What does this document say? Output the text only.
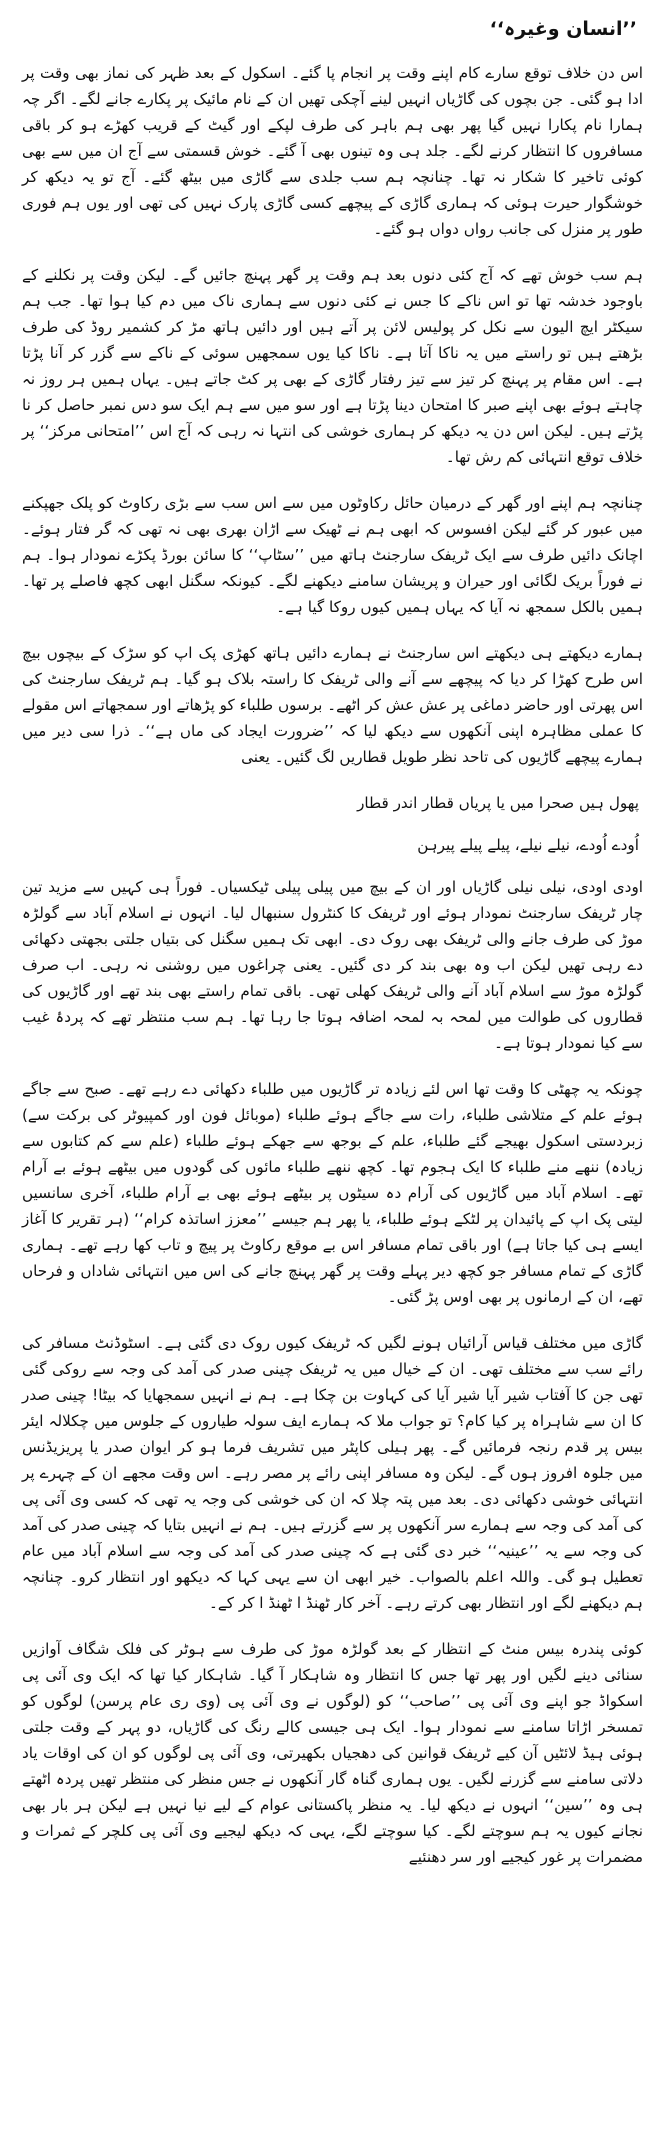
’’انسان وغیرہ‘‘

اس دن خلاف توقع سارے کام اپنے وقت پر انجام پا گئے۔ اسکول کے بعد ظہر کی نماز بھی وقت پر ادا ہو گئی۔ جن بچوں کی گاڑیاں انہیں لینے آچکی تھیں ان کے نام مائیک پر پکارے جانے لگے۔ اگر چہ ہمارا نام پکارا نہیں گیا پھر بھی ہم باہر کی طرف لپکے اور گیٹ کے قریب کھڑے ہو کر باقی مسافروں کا انتظار کرنے لگے۔ جلد ہی وہ تینوں بھی آ گئے۔ خوش قسمتی سے آج ان میں سے بھی کوئی تاخیر کا شکار نہ تھا۔ چنانچہ ہم سب جلدی سے گاڑی میں بیٹھ گئے۔ آج تو یہ دیکھ کر خوشگوار حیرت ہوئی کہ ہماری گاڑی کے پیچھے کسی گاڑی پارک نہیں کی تھی اور یوں ہم فوری طور پر منزل کی جانب رواں دواں ہو گئے۔

ہم سب خوش تھے کہ آج کئی دنوں بعد ہم وقت پر گھر پہنچ جائیں گے۔ لیکن وقت پر نکلنے کے باوجود خدشہ تھا تو اس ناکے کا جس نے کئی دنوں سے ہماری ناک میں دم کیا ہوا تھا۔ جب ہم سیکٹر ایچ الیون سے نکل کر پولیس لائن پر آتے ہیں اور دائیں ہاتھ مڑ کر کشمیر روڈ کی طرف بڑھتے ہیں تو راستے میں یہ ناکا آتا ہے۔ ناکا کیا یوں سمجھیں سوئی کے ناکے سے گزر کر آنا پڑتا ہے۔ اس مقام پر پہنچ کر تیز سے تیز رفتار گاڑی کے بھی پر کٹ جاتے ہیں۔ یہاں ہمیں ہر روز نہ چاہتے ہوئے بھی اپنے صبر کا امتحان دینا پڑتا ہے اور سو میں سے ہم ایک سو دس نمبر حاصل کر نا پڑتے ہیں۔ لیکن اس دن یہ دیکھ کر ہماری خوشی کی انتہا نہ رہی کہ آج اس ’’امتحانی مرکز‘‘ پر خلاف توقع انتہائی کم رش تھا۔

چنانچہ ہم اپنے اور گھر کے درمیان حائل رکاوٹوں میں سے اس سب سے بڑی رکاوٹ کو پلک جھپکنے میں عبور کر گئے لیکن افسوس کہ ابھی ہم نے ٹھیک سے اڑان بھری بھی نہ تھی کہ گر فتار ہوئے۔ اچانک دائیں طرف سے ایک ٹریفک سارجنٹ ہاتھ میں ’’سٹاپ‘‘ کا سائن بورڈ پکڑے نمودار ہوا۔ ہم نے فوراً بریک لگائی اور حیران و پریشان سامنے دیکھنے لگے۔ کیونکہ سگنل ابھی کچھ فاصلے پر تھا۔ ہمیں بالکل سمجھ نہ آیا کہ یہاں ہمیں کیوں روکا گیا ہے۔

ہمارے دیکھتے ہی دیکھتے اس سارجنٹ نے ہمارے دائیں ہاتھ کھڑی پک اپ کو سڑک کے بیچوں بیچ اس طرح کھڑا کر دیا کہ پیچھے سے آنے والی ٹریفک کا راستہ بلاک ہو گیا۔ ہم ٹریفک سارجنٹ کی اس پھرتی اور حاضر دماغی پر عش عش کر اٹھے۔ برسوں طلباء کو پڑھاتے اور سمجھاتے اس مقولے کا عملی مظاہرہ اپنی آنکھوں سے دیکھ لیا کہ ’’ضرورت ایجاد کی ماں ہے‘‘۔ ذرا سی دیر میں ہمارے پیچھے گاڑیوں کی تاحد نظر طویل قطاریں لگ گئیں۔ یعنی

پھول ہیں صحرا میں یا پریاں قطار اندر قطار
اُودے اُودے، نیلے نیلے، پیلے پیلے پیرہن

اودی اودی، نیلی نیلی گاڑیاں اور ان کے بیچ میں پیلی پیلی ٹیکسیاں۔ فوراً ہی کہیں سے مزید تین چار ٹریفک سارجنٹ نمودار ہوئے اور ٹریفک کا کنٹرول سنبھال لیا۔ انہوں نے اسلام آباد سے گولڑہ موڑ کی طرف جانے والی ٹریفک بھی روک دی۔ ابھی تک ہمیں سگنل کی بتیاں جلتی بجھتی دکھائی دے رہی تھیں لیکن اب وہ بھی بند کر دی گئیں۔ یعنی چراغوں میں روشنی نہ رہی۔ اب صرف گولڑہ موڑ سے اسلام آباد آنے والی ٹریفک کھلی تھی۔ باقی تمام راستے بھی بند تھے اور گاڑیوں کی قطاروں کی طوالت میں لمحہ بہ لمحہ اضافہ ہوتا جا رہا تھا۔ ہم سب منتظر تھے کہ پردۂ غیب سے کیا نمودار ہوتا ہے۔

چونکہ یہ چھٹی کا وقت تھا اس لئے زیادہ تر گاڑیوں میں طلباء دکھائی دے رہے تھے۔ صبح سے جاگے ہوئے علم کے متلاشی طلباء، رات سے جاگے ہوئے طلباء (موبائل فون اور کمپیوٹر کی برکت سے) زبردستی اسکول بھیجے گئے طلباء، علم کے بوجھ سے جھکے ہوئے طلباء (علم سے کم کتابوں سے زیادہ) ننھے منے طلباء کا ایک ہجوم تھا۔ کچھ ننھے طلباء مائوں کی گودوں میں بیٹھے ہوئے بے آرام تھے۔ اسلام آباد میں گاڑیوں کی آرام دہ سیٹوں پر بیٹھے ہوئے بھی بے آرام طلباء، آخری سانسیں لیتی پک اپ کے پائیدان پر لٹکے ہوئے طلباء، یا پھر ہم جیسے ’’معزز اساتذہ کرام‘‘ (ہر تقریر کا آغاز ایسے ہی کیا جاتا ہے) اور باقی تمام مسافر اس بے موقع رکاوٹ پر پیچ و تاب کھا رہے تھے۔ ہماری گاڑی کے تمام مسافر جو کچھ دیر پہلے وقت پر گھر پہنچ جانے کی اس میں انتہائی شاداں و فرحاں تھے، ان کے ارمانوں پر بھی اوس پڑ گئی۔

گاڑی میں مختلف قیاس آرائیاں ہونے لگیں کہ ٹریفک کیوں روک دی گئی ہے۔ اسٹوڈنٹ مسافر کی رائے سب سے مختلف تھی۔ ان کے خیال میں یہ ٹریفک چینی صدر کی آمد کی وجہ سے روکی گئی تھی جن کا آفتاب شیر آیا شیر آیا کی کہاوت بن چکا ہے۔ ہم نے انہیں سمجھایا کہ بیٹا! چینی صدر کا ان سے شاہراہ پر کیا کام؟ تو جواب ملا کہ ہمارے ایف سولہ طیاروں کے جلوس میں چکلالہ ایئر بیس پر قدم رنجہ فرمائیں گے۔ پھر ہیلی کاپٹر میں تشریف فرما ہو کر ایوان صدر یا پریزیڈنس میں جلوہ افروز ہوں گے۔ لیکن وہ مسافر اپنی رائے پر مصر رہے۔ اس وقت مجھے ان کے چہرے پر انتہائی خوشی دکھائی دی۔ بعد میں پتہ چلا کہ ان کی خوشی کی وجہ یہ تھی کہ کسی وی آئی پی کی آمد کی وجہ سے ہمارے سر آنکھوں پر سے گزرتے ہیں۔ ہم نے انہیں بتایا کہ چینی صدر کی آمد کی وجہ سے یہ ’’عینیہ‘‘ خبر دی گئی ہے کہ چینی صدر کی آمد کی وجہ سے اسلام آباد میں عام تعطیل ہو گی۔ واللہ اعلم بالصواب۔ خیر ابھی ان سے یہی کہا کہ دیکھو اور انتظار کرو۔ چنانچہ ہم دیکھنے لگے اور انتظار بھی کرتے رہے۔ آخر کار ٹھنڈ ا ٹھنڈ ا کر کے۔

کوئی پندرہ بیس منٹ کے انتظار کے بعد گولڑہ موڑ کی طرف سے ہوٹر کی فلک شگاف آوازیں سنائی دینے لگیں اور پھر تھا جس کا انتظار وہ شاہکار آ گیا۔ شاہکار کیا تھا کہ ایک وی آئی پی اسکواڈ جو اپنے وی آئی پی ’’صاحب‘‘ کو (لوگوں نے وی آئی پی (وی ری عام پرسن) لوگوں کو تمسخر اڑاتا سامنے سے نمودار ہوا۔ ایک ہی جیسی کالے رنگ کی گاڑیاں، دو پہر کے وقت جلتی ہوئی ہیڈ لائٹیں آن کیے ٹریفک قوانین کی دھجیاں بکھیرتی، وی آئی پی لوگوں کو ان کی اوقات یاد دلاتی سامنے سے گزرنے لگیں۔ یوں ہماری گناہ گار آنکھوں نے جس منظر کی منتظر تھیں پردہ اٹھتے ہی وہ ’’سین‘‘ انہوں نے دیکھ لیا۔ یہ منظر پاکستانی عوام کے لیے نیا نہیں ہے لیکن ہر بار بھی نجانے کیوں یہ ہم سوچتے لگے۔ کیا سوچتے لگے، یہی کہ دیکھ لیجیے وی آئی پی کلچر کے ثمرات و مضمرات پر غور کیجیے اور سر دھنئیے
